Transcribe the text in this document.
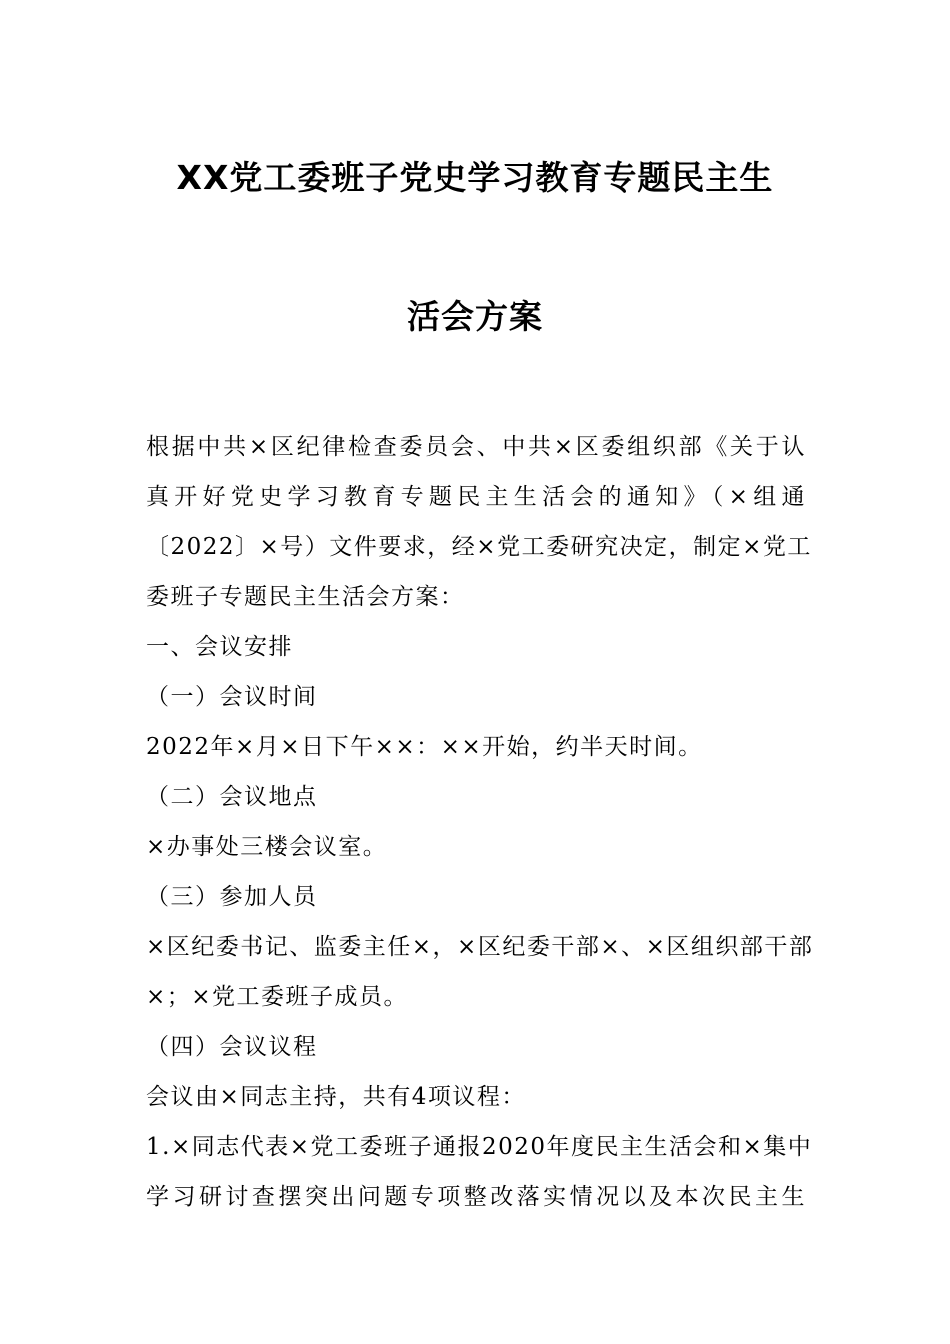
XX党工委班子党史学习教育专题民主生
活会方案
根据中共×区纪律检查委员会、中共×区委组织部《关于认
真开好党史学习教育专题民主生活会的通知》（×组通
〔2022〕×号）文件要求，经×党工委研究决定，制定×党工
委班子专题民主生活会方案：
一、会议安排
（一）会议时间
2022年×月×日下午××：××开始，约半天时间。
（二）会议地点
×办事处三楼会议室。
（三）参加人员
×区纪委书记、监委主任×，×区纪委干部×、×区组织部干部
×；×党工委班子成员。
（四）会议议程
会议由×同志主持，共有4项议程：
1.×同志代表×党工委班子通报2020年度民主生活会和×集中
学习研讨查摆突出问题专项整改落实情况以及本次民主生
